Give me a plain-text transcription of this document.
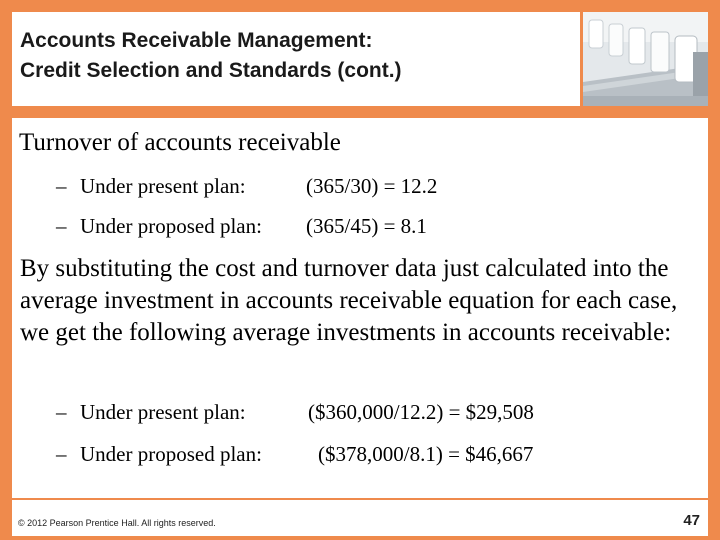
Accounts Receivable Management:
Credit Selection and Standards (cont.)

Turnover of accounts receivable

– Under present plan:	(365/30) = 12.2

– Under proposed plan: (365/45) = 8.1

By substituting the cost and turnover data just calculated into the average investment in accounts receivable equation for each case, we get the following average investments in accounts receivable:

– Under present plan:	($360,000/12.2) = $29,508

– Under proposed plan:	($378,000/8.1) = $46,667

© 2012 Pearson Prentice Hall. All rights reserved.	47
